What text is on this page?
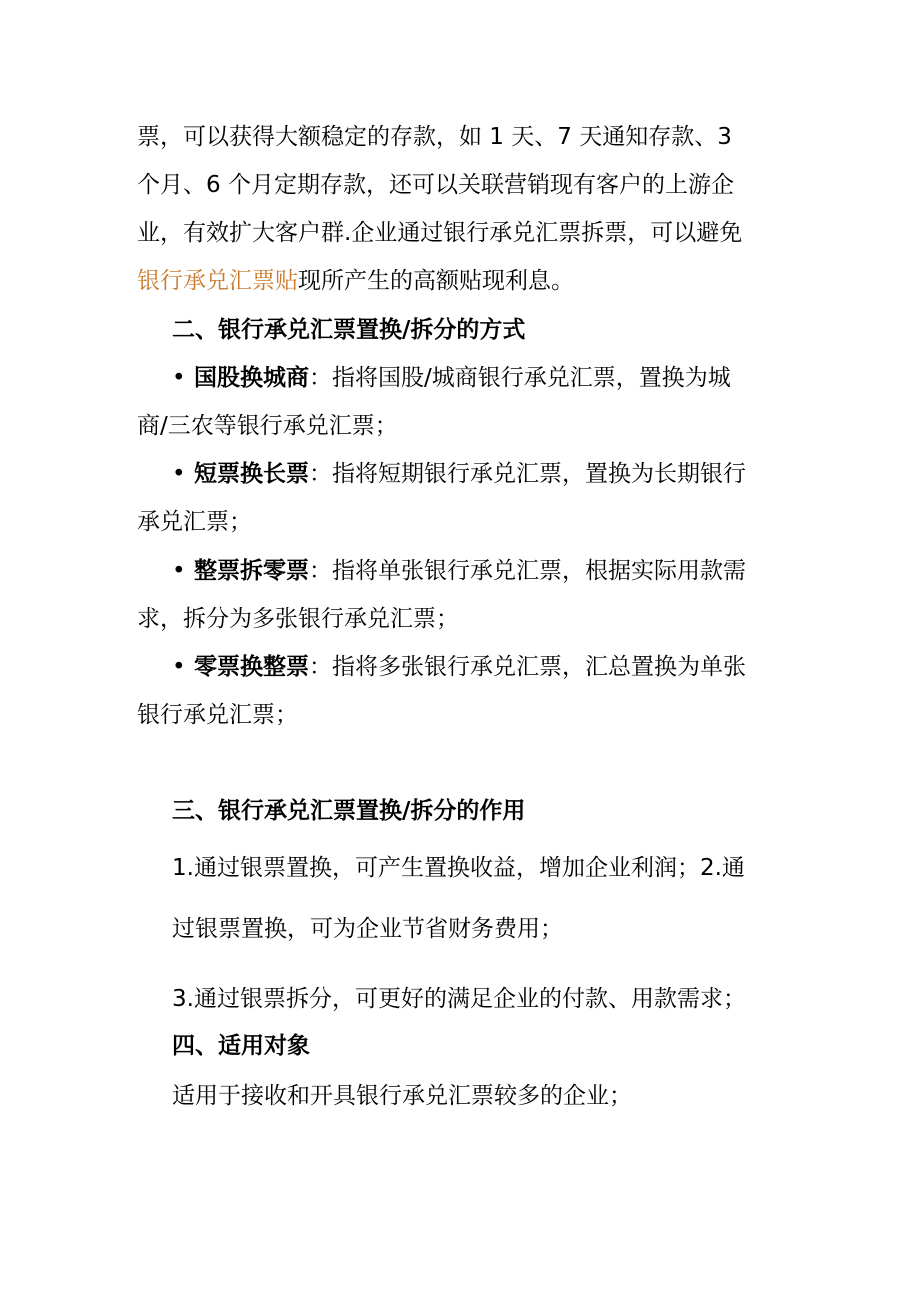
票，可以获得大额稳定的存款，如 1 天、7 天通知存款、3
个月、6 个月定期存款，还可以关联营销现有客户的上游企
业，有效扩大客户群.企业通过银行承兑汇票拆票，可以避免
银行承兑汇票贴现所产生的高额贴现利息。
二、银行承兑汇票置换/拆分的方式
• 国股换城商：指将国股/城商银行承兑汇票，置换为城
商/三农等银行承兑汇票；
• 短票换长票：指将短期银行承兑汇票，置换为长期银行
承兑汇票；
• 整票拆零票：指将单张银行承兑汇票，根据实际用款需
求，拆分为多张银行承兑汇票；
• 零票换整票：指将多张银行承兑汇票，汇总置换为单张
银行承兑汇票；
三、银行承兑汇票置换/拆分的作用
1.通过银票置换，可产生置换收益，增加企业利润；2.通
过银票置换，可为企业节省财务费用；
3.通过银票拆分，可更好的满足企业的付款、用款需求；
四、适用对象
适用于接收和开具银行承兑汇票较多的企业；
